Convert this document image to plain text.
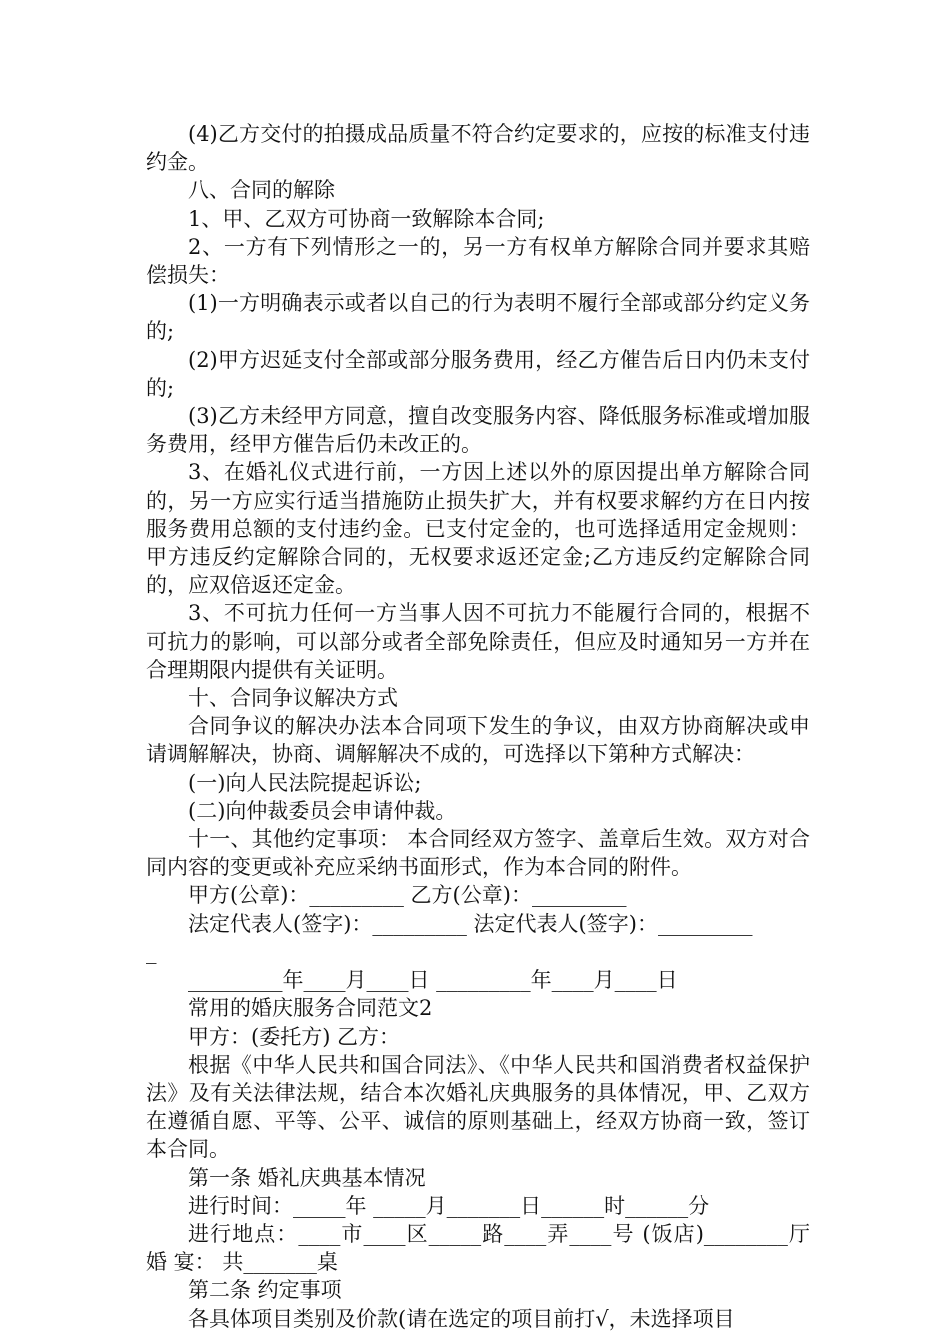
(4)乙方交付的拍摄成品质量不符合约定要求的，应按的标准支付违约金。

八、合同的解除

1、甲、乙双方可协商一致解除本合同;

2、一方有下列情形之一的，另一方有权单方解除合同并要求其赔偿损失：

(1)一方明确表示或者以自己的行为表明不履行全部或部分约定义务的;

(2)甲方迟延支付全部或部分服务费用，经乙方催告后日内仍未支付的;

(3)乙方未经甲方同意，擅自改变服务内容、降低服务标准或增加服务费用，经甲方催告后仍未改正的。

3、在婚礼仪式进行前，一方因上述以外的原因提出单方解除合同的，另一方应实行适当措施防止损失扩大，并有权要求解约方在日内按服务费用总额的支付违约金。已支付定金的，也可选择适用定金规则：甲方违反约定解除合同的，无权要求返还定金;乙方违反约定解除合同的，应双倍返还定金。

3、不可抗力任何一方当事人因不可抗力不能履行合同的，根据不可抗力的影响，可以部分或者全部免除责任，但应及时通知另一方并在合理期限内提供有关证明。

十、合同争议解决方式

合同争议的解决办法本合同项下发生的争议，由双方协商解决或申请调解解决，协商、调解解决不成的，可选择以下第种方式解决：

(一)向人民法院提起诉讼;

(二)向仲裁委员会申请仲裁。

十一、其他约定事项： 本合同经双方签字、盖章后生效。双方对合同内容的变更或补充应采纳书面形式，作为本合同的附件。

甲方(公章)：_________ 乙方(公章)：_________

法定代表人(签字)：_________ 法定代表人(签字)：_________

_

_________年____月____日 _________年____月____日

常用的婚庆服务合同范文2

甲方：(委托方) 乙方：

根据《中华人民共和国合同法》、《中华人民共和国消费者权益保护法》及有关法律法规，结合本次婚礼庆典服务的具体情况，甲、乙双方在遵循自愿、平等、公平、诚信的原则基础上，经双方协商一致，签订本合同。

第一条 婚礼庆典基本情况

进行时间：_____年 _____月_______日______时______分

进行地点：____市____区_____路____弄____号 (饭店)________厅 婚 宴： 共_______桌

第二条 约定事项

各具体项目类别及价款(请在选定的项目前打√，未选择项目
